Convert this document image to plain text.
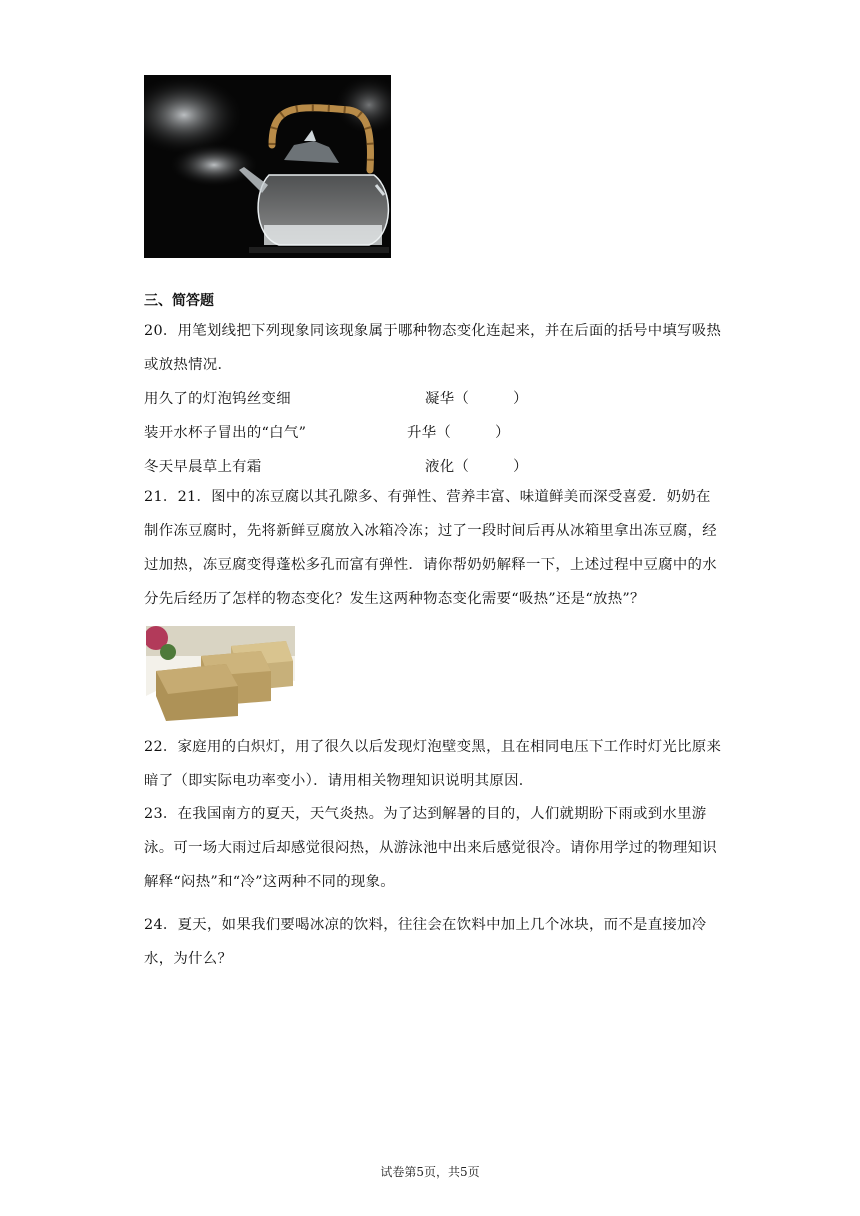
三、简答题
20．用笔划线把下列现象同该现象属于哪种物态变化连起来，并在后面的括号中填写吸热或放热情况．
用久了的灯泡钨丝变细	凝华（　　　）
装开水杯子冒出的“白气”	升华（　　　）
冬天早晨草上有霜	液化（　　　）
21．21．图中的冻豆腐以其孔隙多、有弹性、营养丰富、味道鲜美而深受喜爱．奶奶在制作冻豆腐时，先将新鲜豆腐放入冰箱冷冻；过了一段时间后再从冰箱里拿出冻豆腐，经过加热，冻豆腐变得蓬松多孔而富有弹性．请你帮奶奶解释一下，上述过程中豆腐中的水分先后经历了怎样的物态变化？发生这两种物态变化需要“吸热”还是“放热”？
22．家庭用的白炽灯，用了很久以后发现灯泡壁变黑，且在相同电压下工作时灯光比原来暗了（即实际电功率变小）．请用相关物理知识说明其原因．
23．在我国南方的夏天，天气炎热。为了达到解暑的目的，人们就期盼下雨或到水里游泳。可一场大雨过后却感觉很闷热，从游泳池中出来后感觉很冷。请你用学过的物理知识解释“闷热”和“冷”这两种不同的现象。
24．夏天，如果我们要喝冰凉的饮料，往往会在饮料中加上几个冰块，而不是直接加冷水，为什么？
试卷第5页，共5页
